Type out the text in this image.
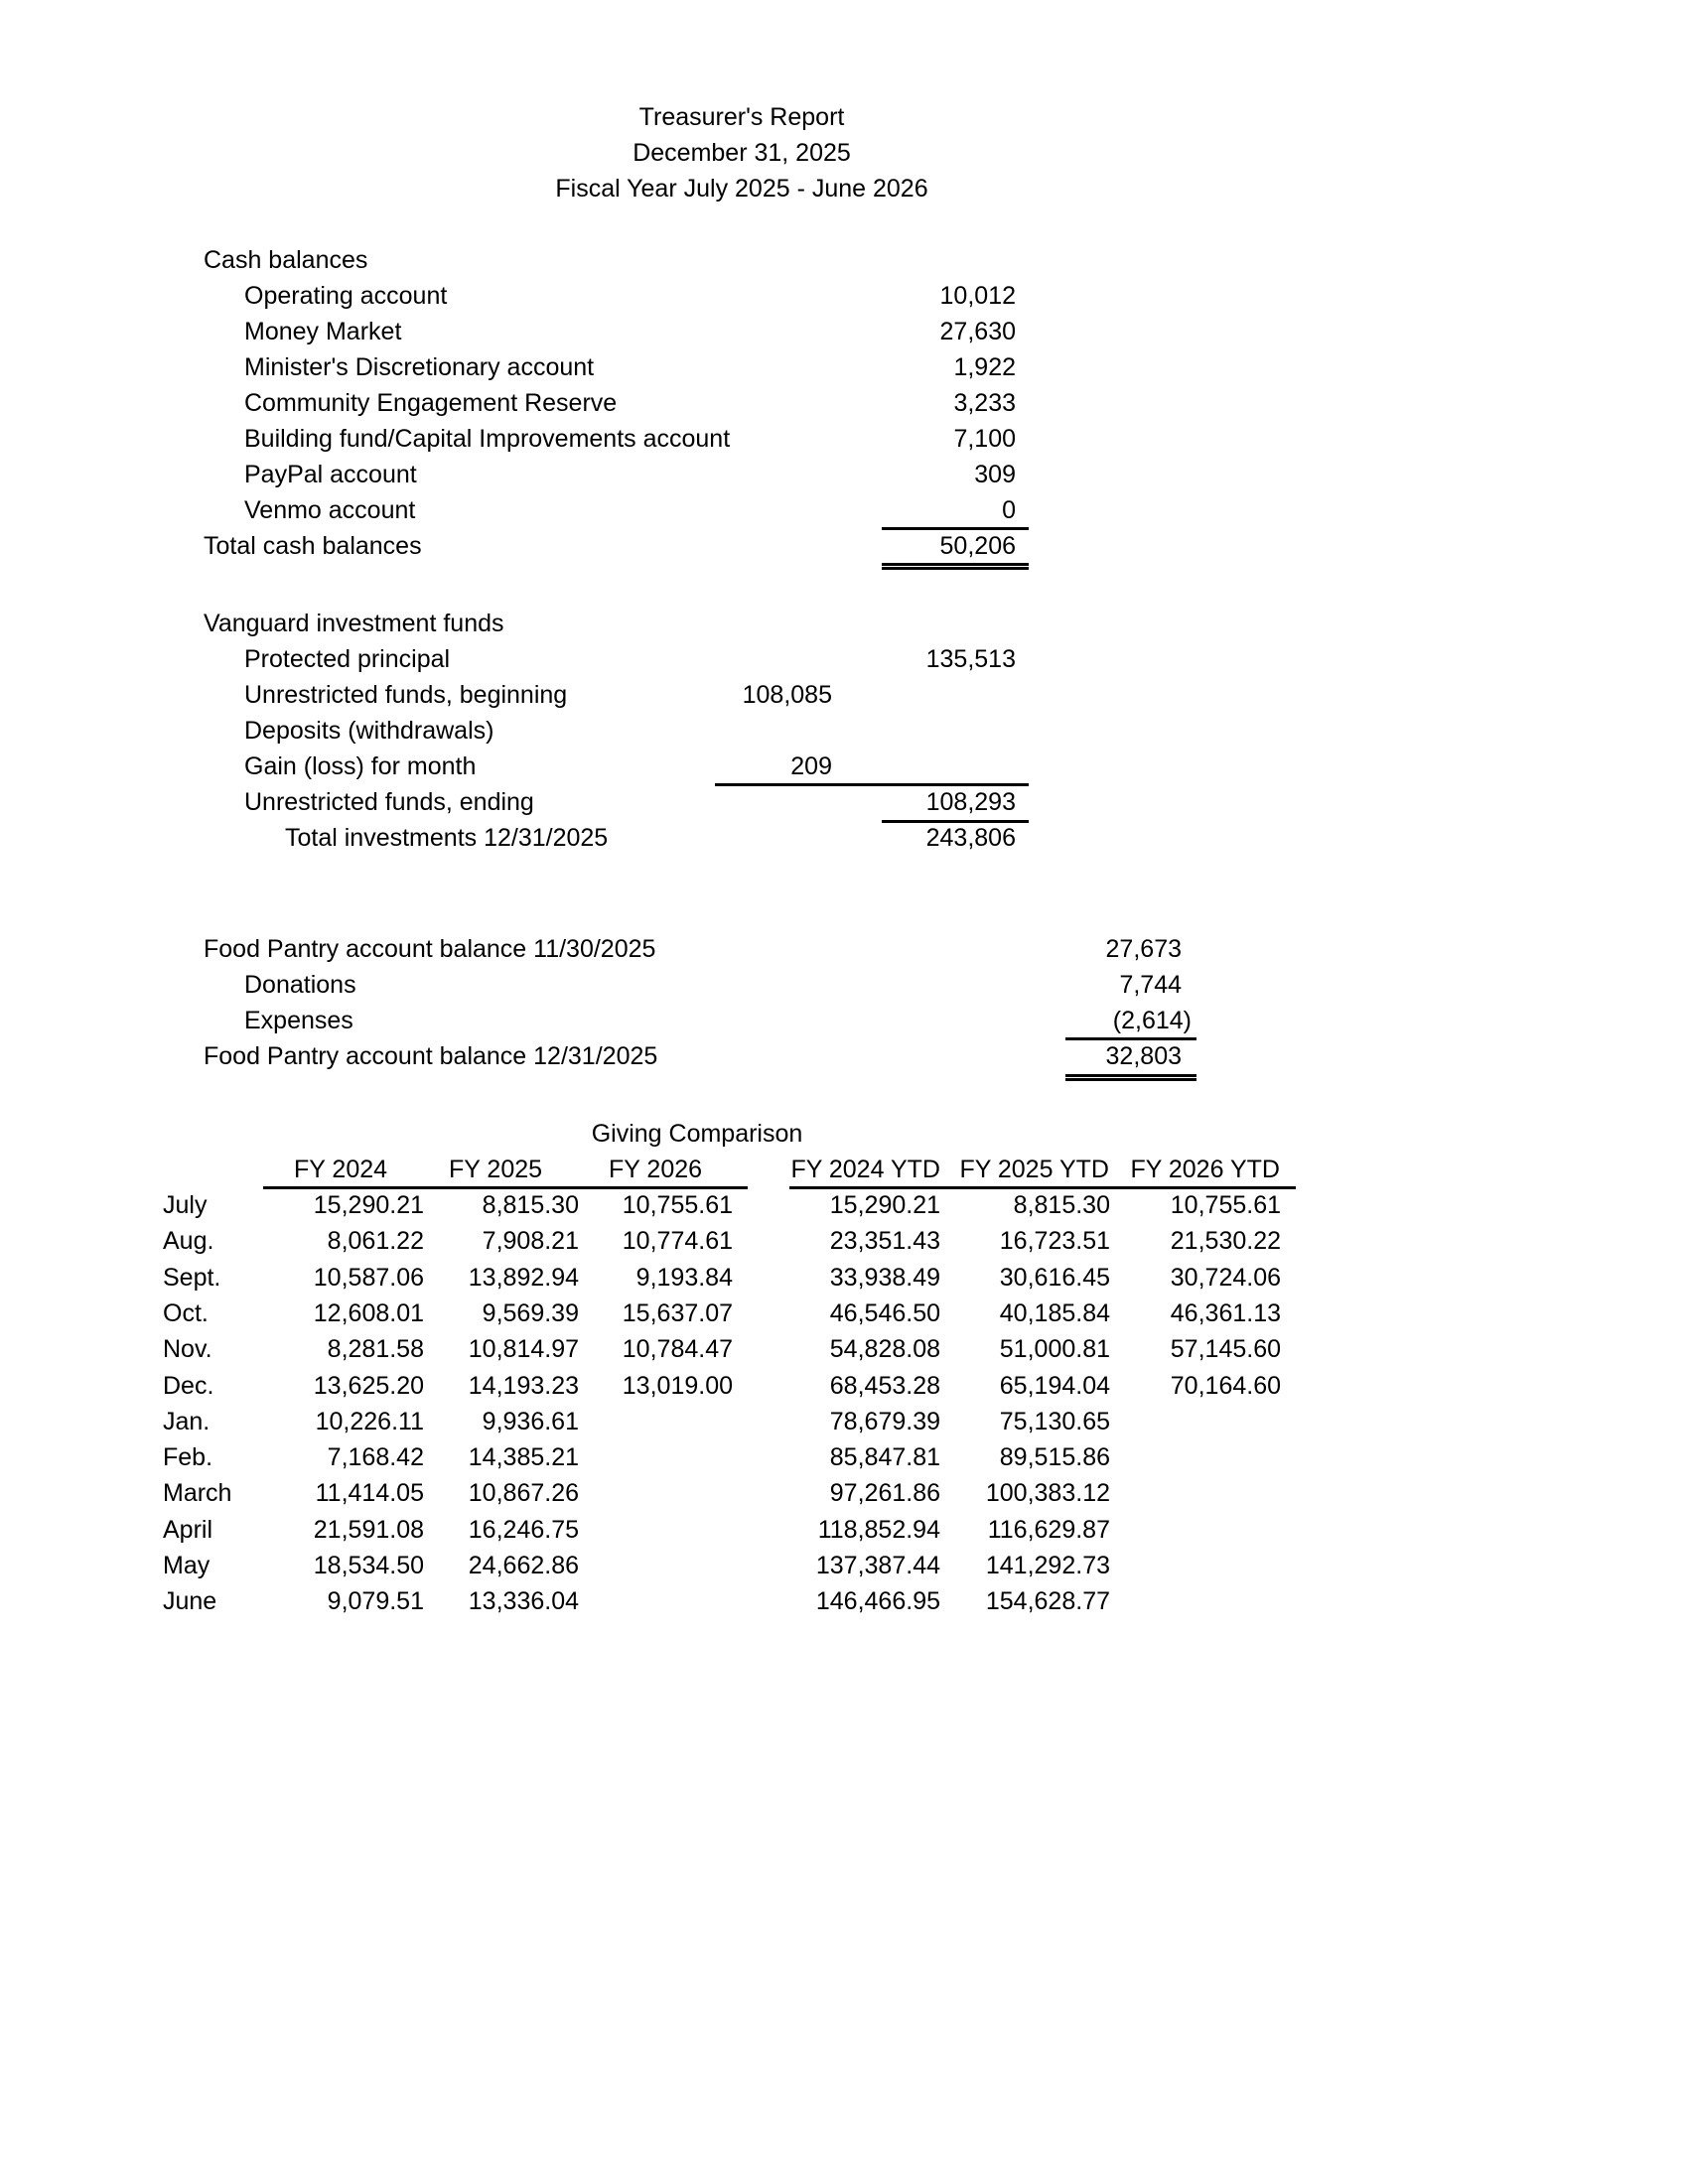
Treasurer's Report
December 31, 2025
Fiscal Year July 2025 - June 2026
Cash balances
Operating account	10,012
Money Market	27,630
Minister's Discretionary account	1,922
Community Engagement Reserve	3,233
Building fund/Capital Improvements account	7,100
PayPal account	309
Venmo account	0
Total cash balances	50,206
Vanguard investment funds
Protected principal	135,513
Unrestricted funds, beginning	108,085
Deposits (withdrawals)
Gain (loss) for month	209
Unrestricted funds, ending	108,293
Total investments 12/31/2025	243,806
Food Pantry account balance 11/30/2025	27,673
Donations	7,744
Expenses	(2,614)
Food Pantry account balance 12/31/2025	32,803
Giving Comparison
FY 2024 FY 2025	FY 2026	FY 2024 YTD FY 2025 YTD FY 2026 YTD
July	15,290.21 8,815.30 10,755.61	15,290.21	8,815.30 10,755.61
Aug.	8,061.22 7,908.21 10,774.61	23,351.43 16,723.51 21,530.22
Sept.	10,587.06 13,892.94 9,193.84	33,938.49 30,616.45 30,724.06
Oct.	12,608.01 9,569.39 15,637.07	46,546.50 40,185.84 46,361.13
Nov.	8,281.58 10,814.97 10,784.47	54,828.08 51,000.81 57,145.60
Dec.	13,625.20 14,193.23 13,019.00	68,453.28 65,194.04 70,164.60
Jan.	10,226.11 9,936.61	78,679.39 75,130.65
Feb.	7,168.42 14,385.21	85,847.81 89,515.86
March	11,414.05 10,867.26	97,261.86 100,383.12
April	21,591.08 16,246.75	118,852.94 116,629.87
May	18,534.50 24,662.86	137,387.44 141,292.73
June	9,079.51 13,336.04	146,466.95 154,628.77
